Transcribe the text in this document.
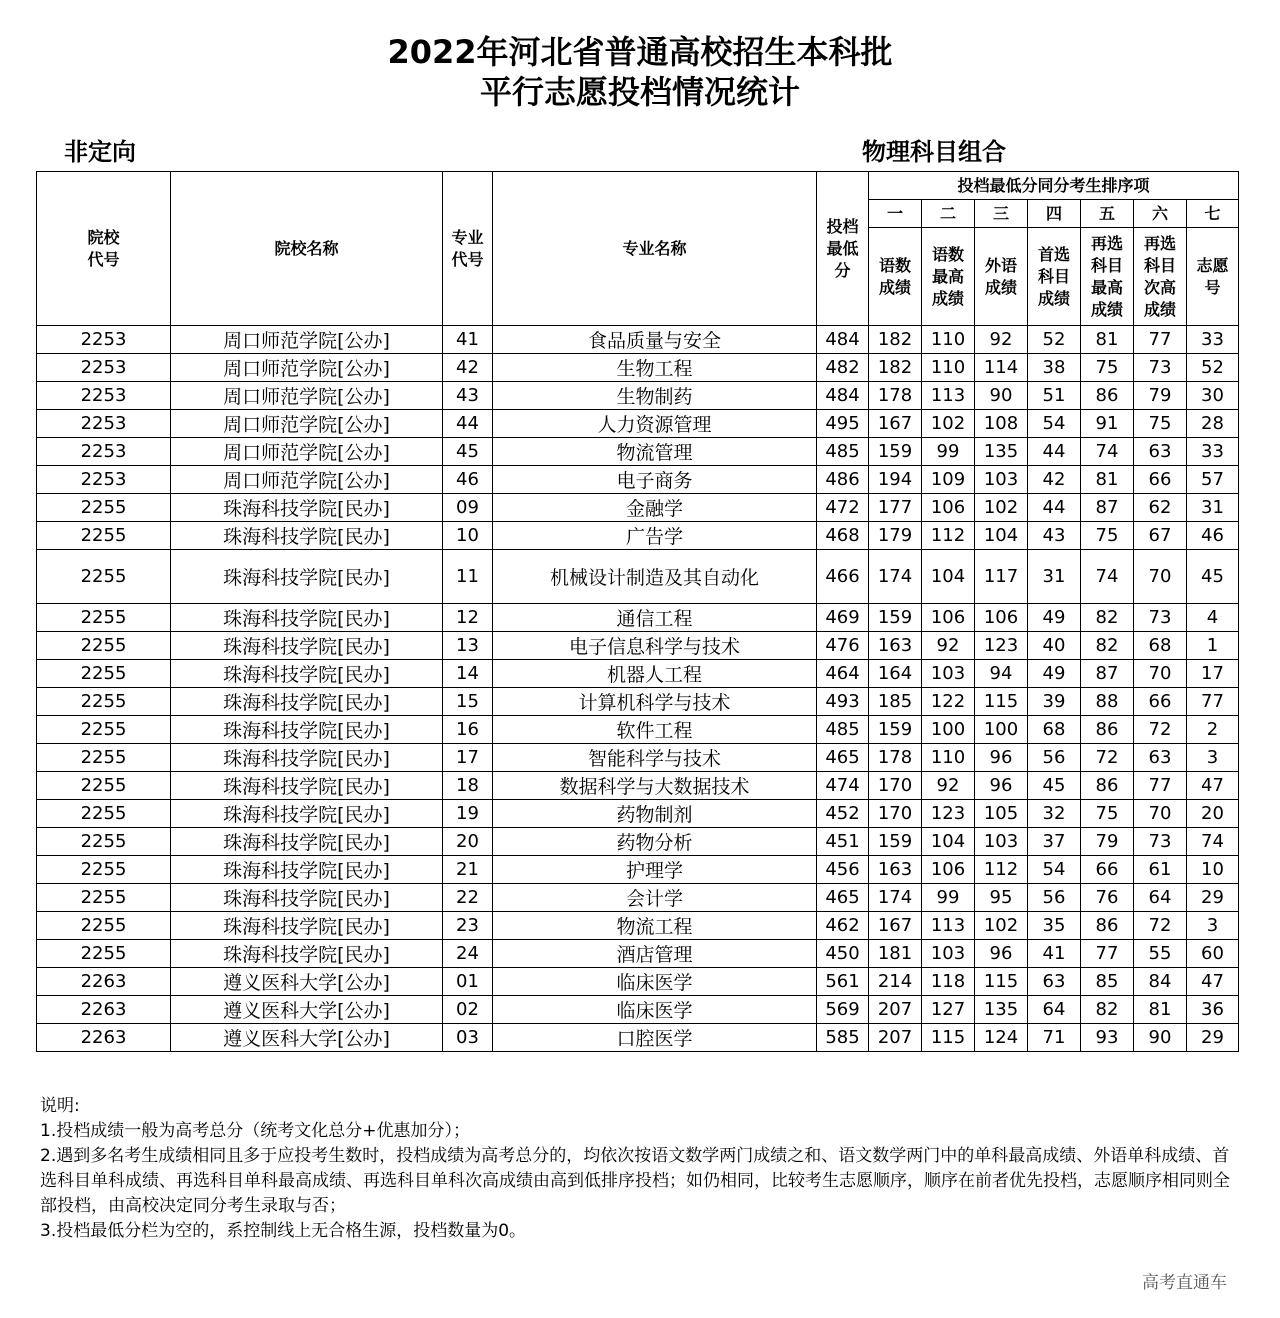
2022年河北省普通高校招生本科批
平行志愿投档情况统计
非定向	物理科目组合
院校代号	院校名称	专业代号	专业名称	投档最低分	投档最低分同分考生排序项						
					一	二	三	四	五	六	七
					语数成绩	语数最高成绩	外语成绩	首选科目成绩	再选科目最高成绩	再选科目次高成绩	志愿号
2253	周口师范学院[公办]	41	食品质量与安全	484	182	110	92	52	81	77	33
2253	周口师范学院[公办]	42	生物工程	482	182	110	114	38	75	73	52
2253	周口师范学院[公办]	43	生物制药	484	178	113	90	51	86	79	30
2253	周口师范学院[公办]	44	人力资源管理	495	167	102	108	54	91	75	28
2253	周口师范学院[公办]	45	物流管理	485	159	99	135	44	74	63	33
2253	周口师范学院[公办]	46	电子商务	486	194	109	103	42	81	66	57
2255	珠海科技学院[民办]	09	金融学	472	177	106	102	44	87	62	31
2255	珠海科技学院[民办]	10	广告学	468	179	112	104	43	75	67	46
2255	珠海科技学院[民办]	11	机械设计制造及其自动化	466	174	104	117	31	74	70	45
2255	珠海科技学院[民办]	12	通信工程	469	159	106	106	49	82	73	4
2255	珠海科技学院[民办]	13	电子信息科学与技术	476	163	92	123	40	82	68	1
2255	珠海科技学院[民办]	14	机器人工程	464	164	103	94	49	87	70	17
2255	珠海科技学院[民办]	15	计算机科学与技术	493	185	122	115	39	88	66	77
2255	珠海科技学院[民办]	16	软件工程	485	159	100	100	68	86	72	2
2255	珠海科技学院[民办]	17	智能科学与技术	465	178	110	96	56	72	63	3
2255	珠海科技学院[民办]	18	数据科学与大数据技术	474	170	92	96	45	86	77	47
2255	珠海科技学院[民办]	19	药物制剂	452	170	123	105	32	75	70	20
2255	珠海科技学院[民办]	20	药物分析	451	159	104	103	37	79	73	74
2255	珠海科技学院[民办]	21	护理学	456	163	106	112	54	66	61	10
2255	珠海科技学院[民办]	22	会计学	465	174	99	95	56	76	64	29
2255	珠海科技学院[民办]	23	物流工程	462	167	113	102	35	86	72	3
2255	珠海科技学院[民办]	24	酒店管理	450	181	103	96	41	77	55	60
2263	遵义医科大学[公办]	01	临床医学	561	214	118	115	63	85	84	47
2263	遵义医科大学[公办]	02	临床医学	569	207	127	135	64	82	81	36
2263	遵义医科大学[公办]	03	口腔医学	585	207	115	124	71	93	90	29
说明:
1.投档成绩一般为高考总分（统考文化总分+优惠加分）；
2.遇到多名考生成绩相同且多于应投考生数时，投档成绩为高考总分的，均依次按语文数学两门成绩之和、语文数学两门中的单科最高成绩、外语单科成绩、首选科目单科成绩、再选科目单科最高成绩、再选科目单科次高成绩由高到低排序投档；如仍相同，比较考生志愿顺序，顺序在前者优先投档，志愿顺序相同则全部投档，由高校决定同分考生录取与否；
3.投档最低分栏为空的，系控制线上无合格生源，投档数量为0。
高考直通车
